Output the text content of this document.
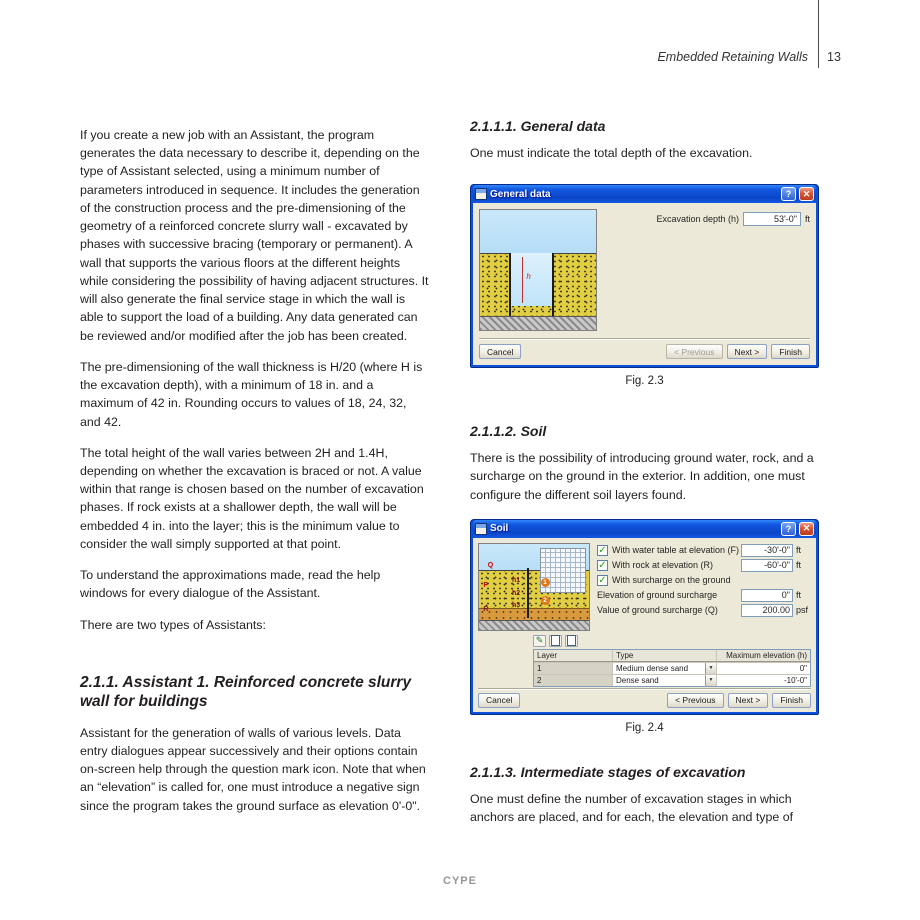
Embedded Retaining Walls 13

If you create a new job with an Assistant, the program generates the data necessary to describe it, depending on the type of Assistant selected, using a minimum number of parameters introduced in sequence. It includes the generation of the construction process and the pre-dimensioning of the geometry of a reinforced concrete slurry wall - excavated by phases with successive bracing (temporary or permanent). A wall that supports the various floors at the different heights while considering the possibility of having adjacent structures. It will also generate the final service stage in which the wall is able to support the load of a building. Any data generated can be reviewed and/or modified after the job has been created.

The pre-dimensioning of the wall thickness is H/20 (where H is the excavation depth), with a minimum of 18 in. and a maximum of 42 in. Rounding occurs to values of 18, 24, 32, and 42.

The total height of the wall varies between 2H and 1.4H, depending on whether the excavation is braced or not. A value within that range is chosen based on the number of excavation phases. If rock exists at a shallower depth, the wall will be embedded 4 in. into the layer; this is the minimum value to consider the wall simply supported at that point.

To understand the approximations made, read the help windows for every dialogue of the Assistant.

There are two types of Assistants:

2.1.1. Assistant 1. Reinforced concrete slurry wall for buildings

Assistant for the generation of walls of various levels. Data entry dialogues appear successively and their options contain on-screen help through the question mark icon. Note that when an “elevation” is called for, one must introduce a negative sign since the program takes the ground surface as elevation 0'-0".

2.1.1.1. General data

One must indicate the total depth of the excavation.

General data	?	✕
h
Excavation depth (h)	53'-0" ft
Cancel	< Previous	Next >	Finish
Fig. 2.3
2.1.1.2. Soil

There is the possibility of introducing ground water, rock, and a surcharge on the ground in the exterior. In addition, one must configure the different soil layers found.

Soil	?	✕
Q
F
R
h1
h2
h3
1
2
✓ With water table at elevation (F)	-30'-0" ft
✓ With rock at elevation (R)	-60'-0" ft
✓ With surcharge on the ground
Elevation of ground surcharge	0" ft
Value of ground surcharge (Q)	200.00 psf
✎
Layer	Type	Maximum elevation (h)
1	Medium dense sand	▼	0"
2	Dense sand	▼	-10'-0"
Cancel	< Previous	Next >	Finish
Fig. 2.4
2.1.1.3. Intermediate stages of excavation

One must define the number of excavation stages in which anchors are placed, and for each, the elevation and type of

CYPE
